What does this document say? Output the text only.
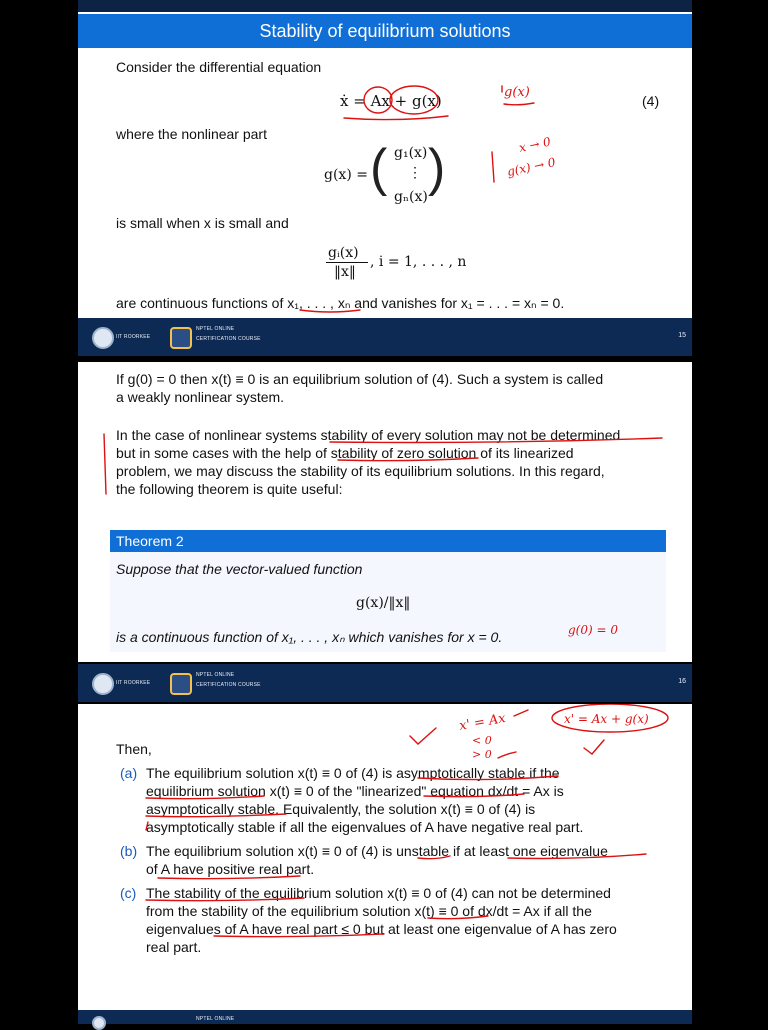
Stability of equilibrium solutions
Consider the differential equation
ẋ = Ax + g(x)	(4)
where the nonlinear part
g(x) = ( )
g₁(x)
⋮
gₙ(x)
is small when x is small and
gᵢ(x)
‖x‖
, i = 1, . . . , n
are continuous functions of x₁, . . . , xₙ and vanishes for x₁ = . . . = xₙ = 0.
g(x)
x → 0
g(x) → 0
IIT ROORKEE
NPTEL ONLINE
CERTIFICATION COURSE	15
If g(0) = 0 then x(t) ≡ 0 is an equilibrium solution of (4). Such a system is called
a weakly nonlinear system.
In the case of nonlinear systems stability of every solution may not be determined
but in some cases with the help of stability of zero solution of its linearized
problem, we may discuss the stability of its equilibrium solutions. In this regard,
the following theorem is quite useful:
Theorem 2
Suppose that the vector-valued function
g(x)/‖x‖
is a continuous function of x₁, . . . , xₙ which vanishes for x = 0.	g(0) = 0
IIT ROORKEE
NPTEL ONLINE
CERTIFICATION COURSE	16
Then,
(a) The equilibrium solution x(t) ≡ 0 of (4) is asymptotically stable if the
equilibrium solution x(t) ≡ 0 of the "linearized" equation dx/dt = Ax is
asymptotically stable. Equivalently, the solution x(t) ≡ 0 of (4) is
asymptotically stable if all the eigenvalues of A have negative real part.
(b) The equilibrium solution x(t) ≡ 0 of (4) is unstable if at least one eigenvalue
of A have positive real part.
(c) The stability of the equilibrium solution x(t) ≡ 0 of (4) can not be determined
from the stability of the equilibrium solution x(t) ≡ 0 of dx/dt = Ax if all the
eigenvalues of A have real part ≤ 0 but at least one eigenvalue of A has zero
real part.
x' = Ax
< 0
> 0
x' = Ax + g(x)
NPTEL ONLINE
